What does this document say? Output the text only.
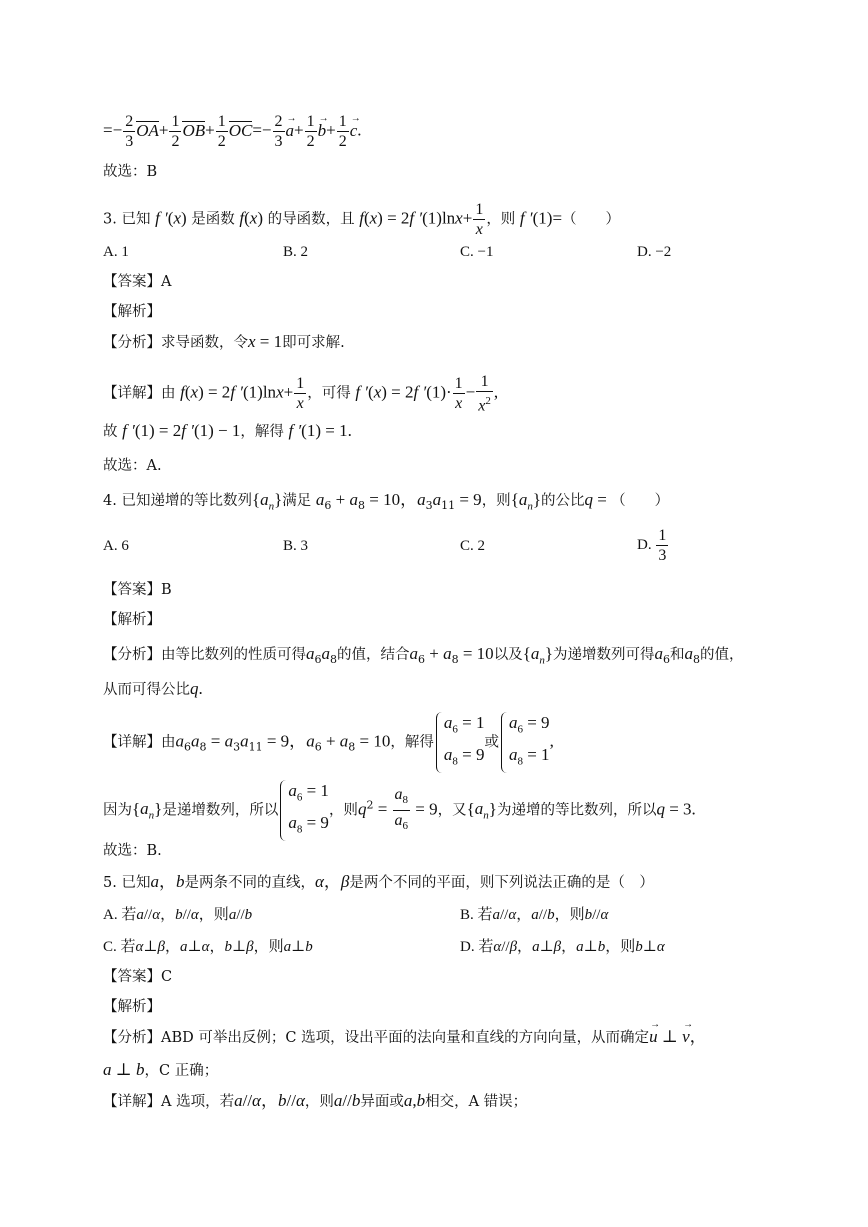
=− $\frac{2}{3} OA+ \frac{1}{2} OB+ \frac{1}{2} OC=- \frac{2}{3}$
→ $a+ \frac{1}{2}$
→ $b+ \frac{1}{2}$
→ c.
故选：B
3. 已知 f ′(x) 是函数 f(x) 的导函数，且 f(x) = 2f $'(1)\ln x+ \frac{1}{x}$ ，则 f ′(1)=（　　）
A. 1	B. 2	C. −1	D. −2
【答案】A
【解析】
【分析】求导函数，令x = 1即可求解.
【详解】由 f(x) = 2f $'(1)\ln x+ \frac{1}{x}$ ，可得 f ′(x) = 2f $'(1)\cdot \frac{1}{x} - \frac{1}{x^2}$ ,
故 f ′(1) = 2f ′(1) − 1，解得 f ′(1) = 1.
故选：A.
4. 已知递增的等比数列$\{a_n\}$满足 $a_6 + a_8 = 10$，$a_3a_{11} = 9$，则$\{a_n\}$的公比q = （　　）
A. 6	B. 3	C. 2	D. $\frac{1}{3}$
【答案】B
【解析】
【分析】由等比数列的性质可得$a_6a_8$的值，结合$a_6 + a_8 = 10$以及$\{a_n\}$为递增数列可得$a_6$和$a_8$的值，
从而可得公比q.
【详解】由$a_6a_8 = a_3a_{11} = 9$，$a_6 + a_8 = 10$，解得
$a_6 = 1$
$a_8 = 9$
或
$a_6 = 9$
$a_8 = 1$
,
因为$\{a_n\}$是递增数列，所以
$a_6 = 1$
$a_8 = 9$
，则$q^2 = \frac{a_8}{a_6} = 9$，又$\{a_n\}$为递增的等比数列，所以q = 3.
故选：B.
5. 已知a，b是两条不同的直线，α，β是两个不同的平面，则下列说法正确的是（　）
A. 若a//α，b//α，则a//b	B. 若a//α，a//b，则b//α
C. 若α⊥β，a⊥α，b⊥β，则a⊥b	D. 若α//β，a⊥β，a⊥b，则b⊥α
【答案】C
【解析】
【分析】ABD 可举出反例；C 选项，设出平面的法向量和直线的方向向量，从而确定→ u ⊥ → v，
a ⊥ b，C 正确；
【详解】A 选项，若a//α，b//α，则a//b异面或a,b相交，A 错误；
